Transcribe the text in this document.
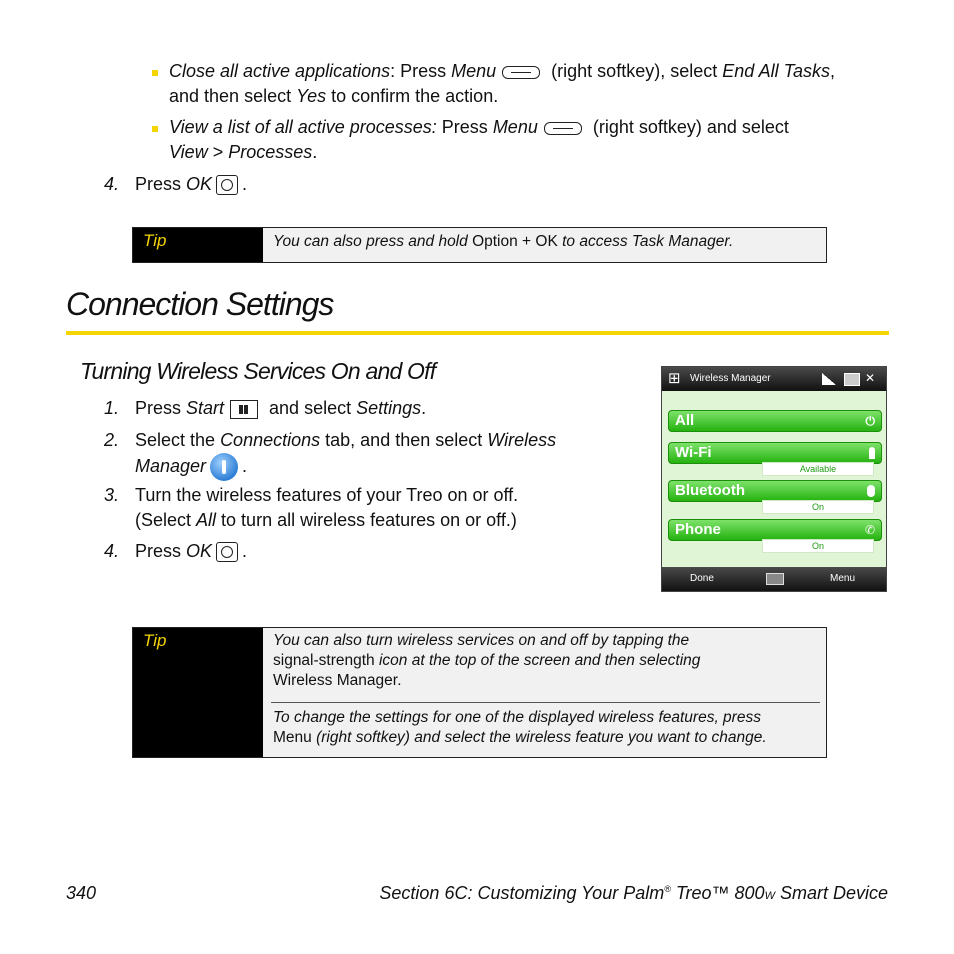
Close all active applications: Press Menu	(right softkey), select End All Tasks,
and then select Yes to confirm the action.
View a list of all active processes: Press Menu	(right softkey) and select
View > Processes.
4. Press OK .
Tip	You can also press and hold Option + OK to access Task Manager.
Connection Settings
Turning Wireless Services On and Off
1. Press Start and select Settings.
2. Select the Connections tab, and then select Wireless
Manager .
3. Turn the wireless features of your Treo on or off.
(Select All to turn all wireless features on or off.)
4. Press OK .
⊞ Wireless Manager	✕
All	⏻
Wi-Fi
Available
Bluetooth
On
Phone	✆
On
Done	Menu
Tip	You can also turn wireless services on and off by tapping the
signal-strength icon at the top of the screen and then selecting
Wireless Manager.
To change the settings for one of the displayed wireless features, press
Menu (right softkey) and select the wireless feature you want to change.
340	Section 6C: Customizing Your Palm® Treo™ 800W Smart Device
